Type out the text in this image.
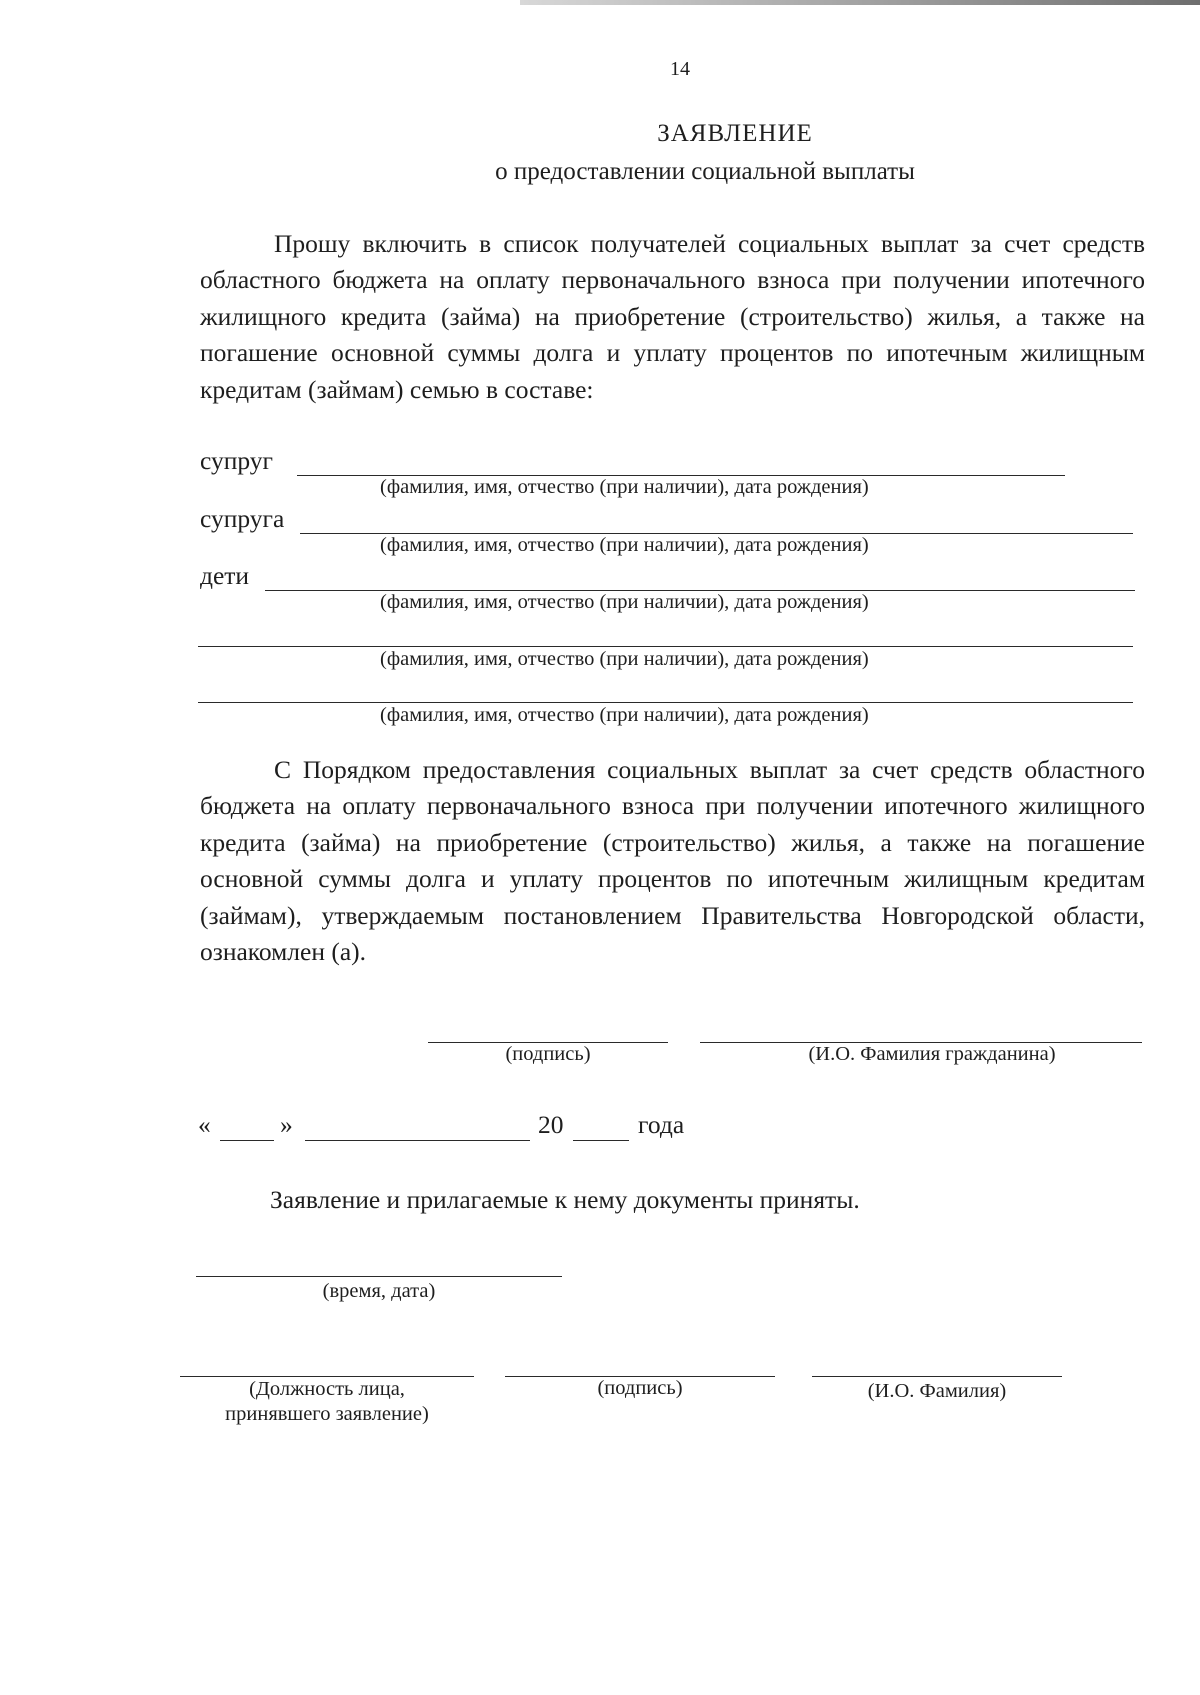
14
ЗАЯВЛЕНИЕ
о предоставлении социальной выплаты

Прошу включить в список получателей социальных выплат за счет средств областного бюджета на оплату первоначального взноса при получении ипотечного жилищного кредита (займа) на приобретение (строительство) жилья, а также на погашение основной суммы долга и уплату процентов по ипотечным жилищным кредитам (займам) семью в составе:

супруг
(фамилия, имя, отчество (при наличии), дата рождения)
супруга
(фамилия, имя, отчество (при наличии), дата рождения)
дети
(фамилия, имя, отчество (при наличии), дата рождения)
(фамилия, имя, отчество (при наличии), дата рождения)
(фамилия, имя, отчество (при наличии), дата рождения)

С Порядком предоставления социальных выплат за счет средств областного бюджета на оплату первоначального взноса при получении ипотечного жилищного кредита (займа) на приобретение (строительство) жилья, а также на погашение основной суммы долга и уплату процентов по ипотечным жилищным кредитам (займам), утверждаемым постановлением Правительства Новгородской области, ознакомлен (а).

(подпись)	(И.О. Фамилия гражданина)
«	»	20	года
Заявление и прилагаемые к нему документы приняты.
(время, дата)
(Должность лица,
принявшего заявление)
(подпись)	(И.О. Фамилия)
